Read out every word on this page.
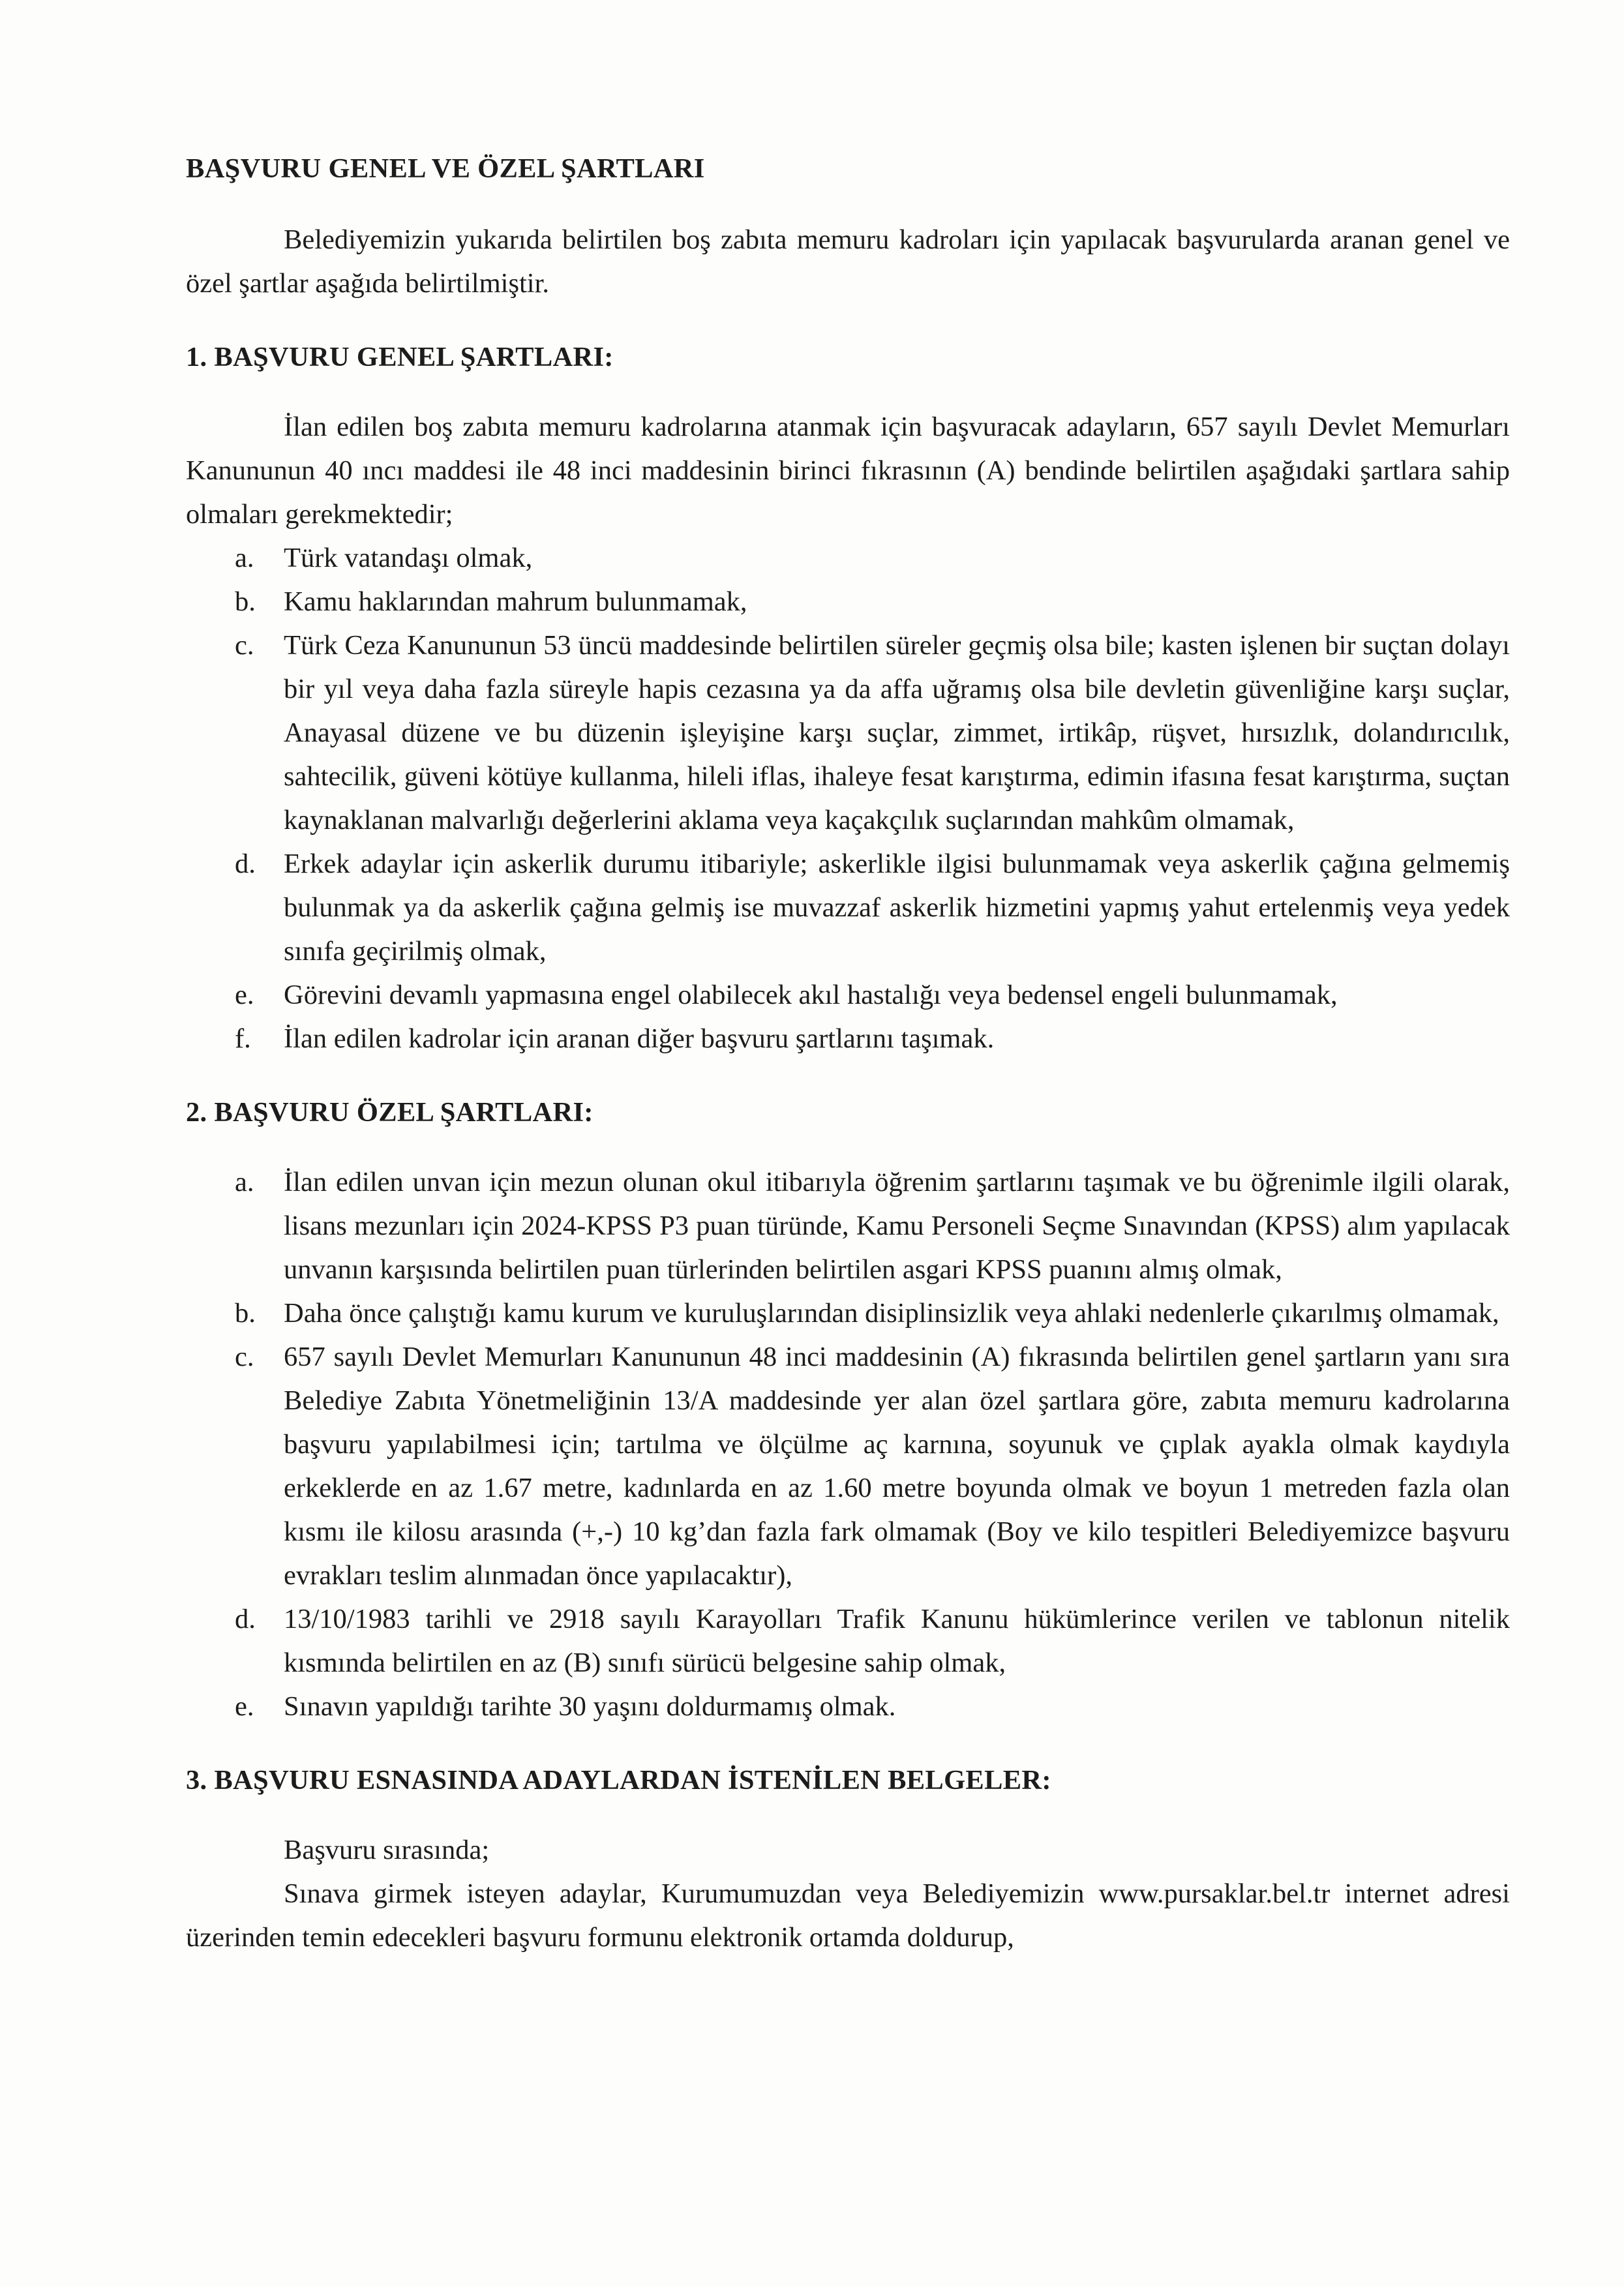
BAŞVURU GENEL VE ÖZEL ŞARTLARI

Belediyemizin yukarıda belirtilen boş zabıta memuru kadroları için yapılacak başvurularda aranan genel ve özel şartlar aşağıda belirtilmiştir.

1. BAŞVURU GENEL ŞARTLARI:

İlan edilen boş zabıta memuru kadrolarına atanmak için başvuracak adayların, 657 sayılı Devlet Memurları Kanununun 40 ıncı maddesi ile 48 inci maddesinin birinci fıkrasının (A) bendinde belirtilen aşağıdaki şartlara sahip olmaları gerekmektedir;

a. Türk vatandaşı olmak,
b. Kamu haklarından mahrum bulunmamak,
c. Türk Ceza Kanununun 53 üncü maddesinde belirtilen süreler geçmiş olsa bile; kasten işlenen bir suçtan dolayı bir yıl veya daha fazla süreyle hapis cezasına ya da affa uğramış olsa bile devletin güvenliğine karşı suçlar, Anayasal düzene ve bu düzenin işleyişine karşı suçlar, zimmet, irtikâp, rüşvet, hırsızlık, dolandırıcılık, sahtecilik, güveni kötüye kullanma, hileli iflas, ihaleye fesat karıştırma, edimin ifasına fesat karıştırma, suçtan kaynaklanan malvarlığı değerlerini aklama veya kaçakçılık suçlarından mahkûm olmamak,
d. Erkek adaylar için askerlik durumu itibariyle; askerlikle ilgisi bulunmamak veya askerlik çağına gelmemiş bulunmak ya da askerlik çağına gelmiş ise muvazzaf askerlik hizmetini yapmış yahut ertelenmiş veya yedek sınıfa geçirilmiş olmak,
e. Görevini devamlı yapmasına engel olabilecek akıl hastalığı veya bedensel engeli bulunmamak,
f. İlan edilen kadrolar için aranan diğer başvuru şartlarını taşımak.
2. BAŞVURU ÖZEL ŞARTLARI:
a. İlan edilen unvan için mezun olunan okul itibarıyla öğrenim şartlarını taşımak ve bu öğrenimle ilgili olarak, lisans mezunları için 2024-KPSS P3 puan türünde, Kamu Personeli Seçme Sınavından (KPSS) alım yapılacak unvanın karşısında belirtilen puan türlerinden belirtilen asgari KPSS puanını almış olmak,
b. Daha önce çalıştığı kamu kurum ve kuruluşlarından disiplinsizlik veya ahlaki nedenlerle çıkarılmış olmamak,
c. 657 sayılı Devlet Memurları Kanununun 48 inci maddesinin (A) fıkrasında belirtilen genel şartların yanı sıra Belediye Zabıta Yönetmeliğinin 13/A maddesinde yer alan özel şartlara göre, zabıta memuru kadrolarına başvuru yapılabilmesi için; tartılma ve ölçülme aç karnına, soyunuk ve çıplak ayakla olmak kaydıyla erkeklerde en az 1.67 metre, kadınlarda en az 1.60 metre boyunda olmak ve boyun 1 metreden fazla olan kısmı ile kilosu arasında (+,-) 10 kg’dan fazla fark olmamak (Boy ve kilo tespitleri Belediyemizce başvuru evrakları teslim alınmadan önce yapılacaktır),
d. 13/10/1983 tarihli ve 2918 sayılı Karayolları Trafik Kanunu hükümlerince verilen ve tablonun nitelik kısmında belirtilen en az (B) sınıfı sürücü belgesine sahip olmak,
e. Sınavın yapıldığı tarihte 30 yaşını doldurmamış olmak.
3. BAŞVURU ESNASINDA ADAYLARDAN İSTENİLEN BELGELER:

Başvuru sırasında;

Sınava girmek isteyen adaylar, Kurumumuzdan veya Belediyemizin www.pursaklar.bel.tr internet adresi üzerinden temin edecekleri başvuru formunu elektronik ortamda doldurup,
